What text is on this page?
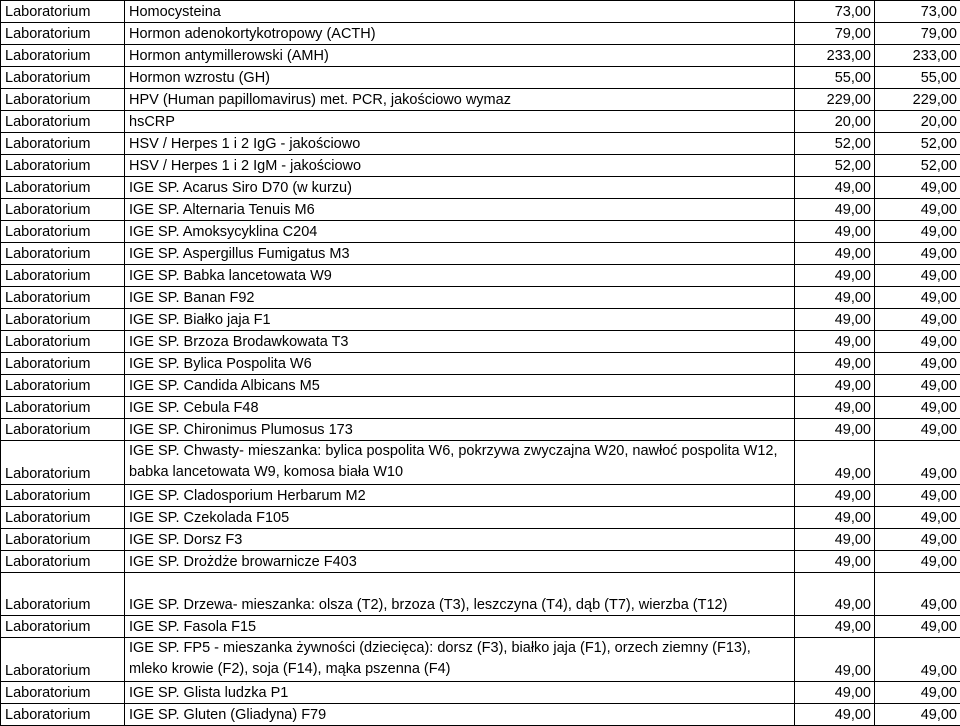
Laboratorium	Homocysteina	73,00	73,00
Laboratorium	Hormon adenokortykotropowy (ACTH)	79,00	79,00
Laboratorium	Hormon antymillerowski (AMH)	233,00	233,00
Laboratorium	Hormon wzrostu (GH)	55,00	55,00
Laboratorium	HPV (Human papillomavirus) met. PCR, jakościowo wymaz	229,00	229,00
Laboratorium	hsCRP	20,00	20,00
Laboratorium	HSV / Herpes 1 i 2 IgG - jakościowo	52,00	52,00
Laboratorium	HSV / Herpes 1 i 2 IgM - jakościowo	52,00	52,00
Laboratorium	IGE SP. Acarus Siro D70 (w kurzu)	49,00	49,00
Laboratorium	IGE SP. Alternaria Tenuis M6	49,00	49,00
Laboratorium	IGE SP. Amoksycyklina C204	49,00	49,00
Laboratorium	IGE SP. Aspergillus Fumigatus M3	49,00	49,00
Laboratorium	IGE SP. Babka lancetowata W9	49,00	49,00
Laboratorium	IGE SP. Banan F92	49,00	49,00
Laboratorium	IGE SP. Białko jaja F1	49,00	49,00
Laboratorium	IGE SP. Brzoza Brodawkowata T3	49,00	49,00
Laboratorium	IGE SP. Bylica Pospolita W6	49,00	49,00
Laboratorium	IGE SP. Candida Albicans M5	49,00	49,00
Laboratorium	IGE SP. Cebula F48	49,00	49,00
Laboratorium	IGE SP. Chironimus Plumosus 173	49,00	49,00
Laboratorium	IGE SP. Chwasty- mieszanka: bylica pospolita W6, pokrzywa zwyczajna W20, nawłoć pospolita W12, babka lancetowata W9, komosa biała W10	49,00	49,00
Laboratorium	IGE SP. Cladosporium Herbarum M2	49,00	49,00
Laboratorium	IGE SP. Czekolada F105	49,00	49,00
Laboratorium	IGE SP. Dorsz F3	49,00	49,00
Laboratorium	IGE SP. Drożdże browarnicze F403	49,00	49,00
Laboratorium	IGE SP. Drzewa- mieszanka: olsza (T2), brzoza (T3), leszczyna (T4), dąb (T7), wierzba (T12)	49,00	49,00
Laboratorium	IGE SP. Fasola F15	49,00	49,00
Laboratorium	IGE SP. FP5 - mieszanka żywności (dziecięca): dorsz (F3), białko jaja (F1), orzech ziemny (F13), mleko krowie (F2), soja (F14), mąka pszenna (F4)	49,00	49,00
Laboratorium	IGE SP. Glista ludzka P1	49,00	49,00
Laboratorium	IGE SP. Gluten (Gliadyna) F79	49,00	49,00
